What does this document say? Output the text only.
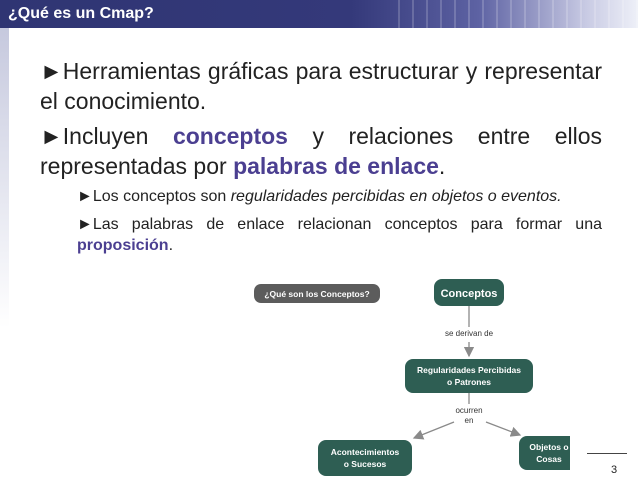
¿Qué es un Cmap?

►Herramientas gráficas para estructurar y representar el conocimiento.

►Incluyen conceptos y relaciones entre ellos representadas por palabras de enlace.

►Los conceptos son regularidades percibidas en objetos o eventos.

►Las palabras de enlace relacionan conceptos para formar una proposición.

¿Qué son los Conceptos?	Conceptos
se derivan de
Regularidades Percibidas
o Patrones
ocurren
en
Acontecimientos
o Sucesos
Objetos o
Cosas
3
